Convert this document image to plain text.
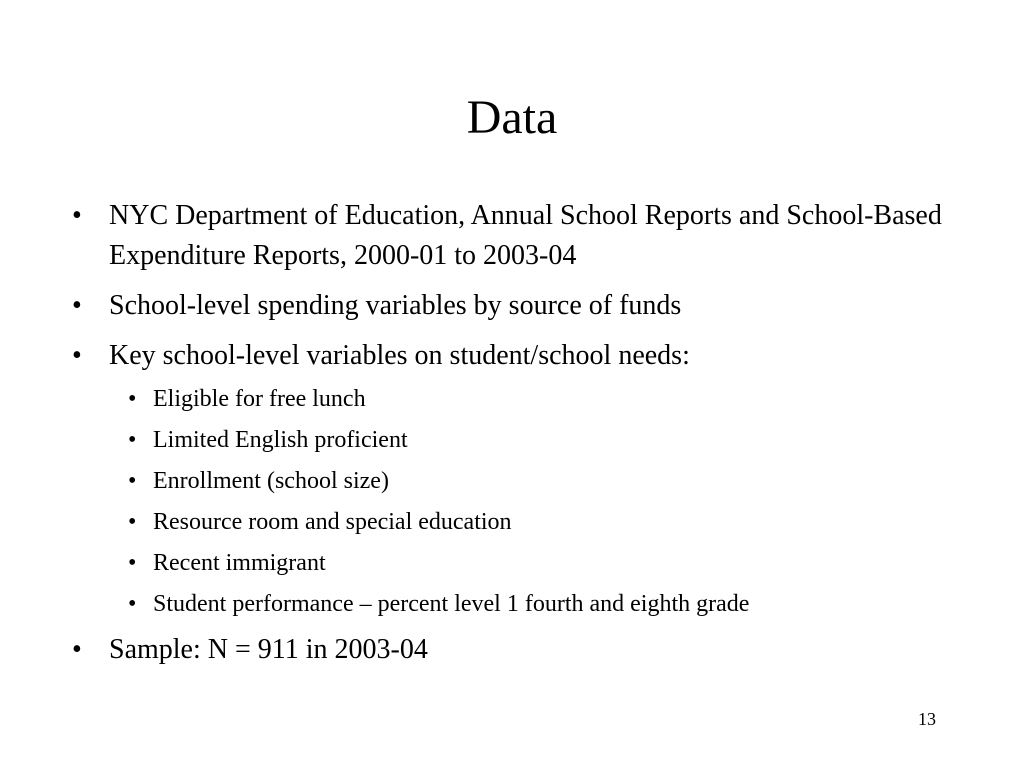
Data
• NYC Department of Education, Annual School Reports and School-Based Expenditure Reports, 2000-01 to 2003-04
• School-level spending variables by source of funds
• Key school-level variables on student/school needs:
• Eligible for free lunch
• Limited English proficient
• Enrollment (school size)
• Resource room and special education
• Recent immigrant
• Student performance – percent level 1 fourth and eighth grade
• Sample: N = 911 in 2003-04
13
